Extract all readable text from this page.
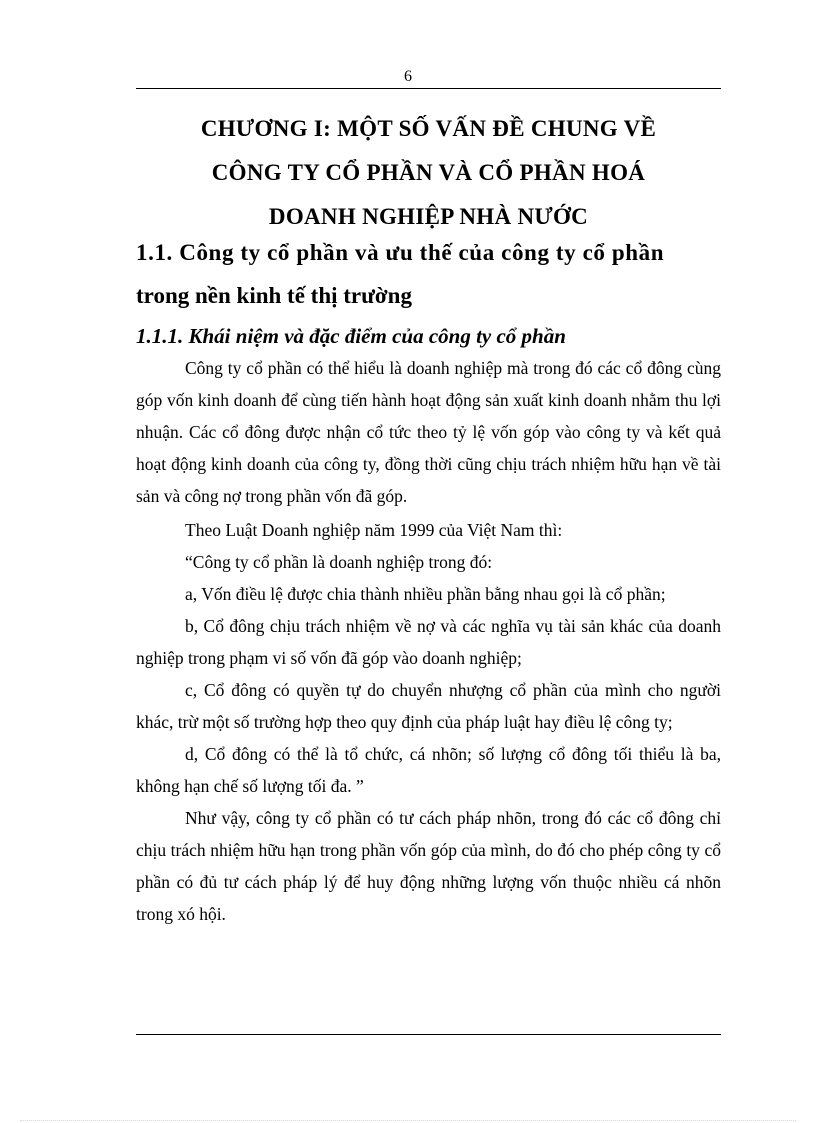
6
CHƯƠNG I: MỘT SỐ VẤN ĐỀ CHUNG VỀ
CÔNG TY CỔ PHẦN VÀ CỔ PHẦN HOÁ
DOANH NGHIỆP NHÀ NƯỚC
1.1. Công ty cổ phần và ưu thế của công ty cổ phần
trong nền kinh tế thị trường
1.1.1. Khái niệm và đặc điểm của công ty cổ phần

Công ty cổ phần có thể hiểu là doanh nghiệp mà trong đó các cổ đông cùng góp vốn kinh doanh để cùng tiến hành hoạt động sản xuất kinh doanh nhằm thu lợi nhuận. Các cổ đông được nhận cổ tức theo tỷ lệ vốn góp vào công ty và kết quả hoạt động kinh doanh của công ty, đồng thời cũng chịu trách nhiệm hữu hạn về tài sản và công nợ trong phần vốn đã góp.

Theo Luật Doanh nghiệp năm 1999 của Việt Nam thì:

“Công ty cổ phần là doanh nghiệp trong đó:

a, Vốn điều lệ được chia thành nhiều phần bằng nhau gọi là cổ phần;

b, Cổ đông chịu trách nhiệm về nợ và các nghĩa vụ tài sản khác của doanh nghiệp trong phạm vi số vốn đã góp vào doanh nghiệp;

c, Cổ đông có quyền tự do chuyển nhượng cổ phần của mình cho người khác, trừ một số trường hợp theo quy định của pháp luật hay điều lệ công ty;

d, Cổ đông có thể là tổ chức, cá nhõn; số lượng cổ đông tối thiểu là ba, không hạn chế số lượng tối đa. ”

Như vậy, công ty cổ phần có tư cách pháp nhõn, trong đó các cổ đông chỉ chịu trách nhiệm hữu hạn trong phần vốn góp của mình, do đó cho phép công ty cổ phần có đủ tư cách pháp lý để huy động những lượng vốn thuộc nhiều cá nhõn trong xó hội.
